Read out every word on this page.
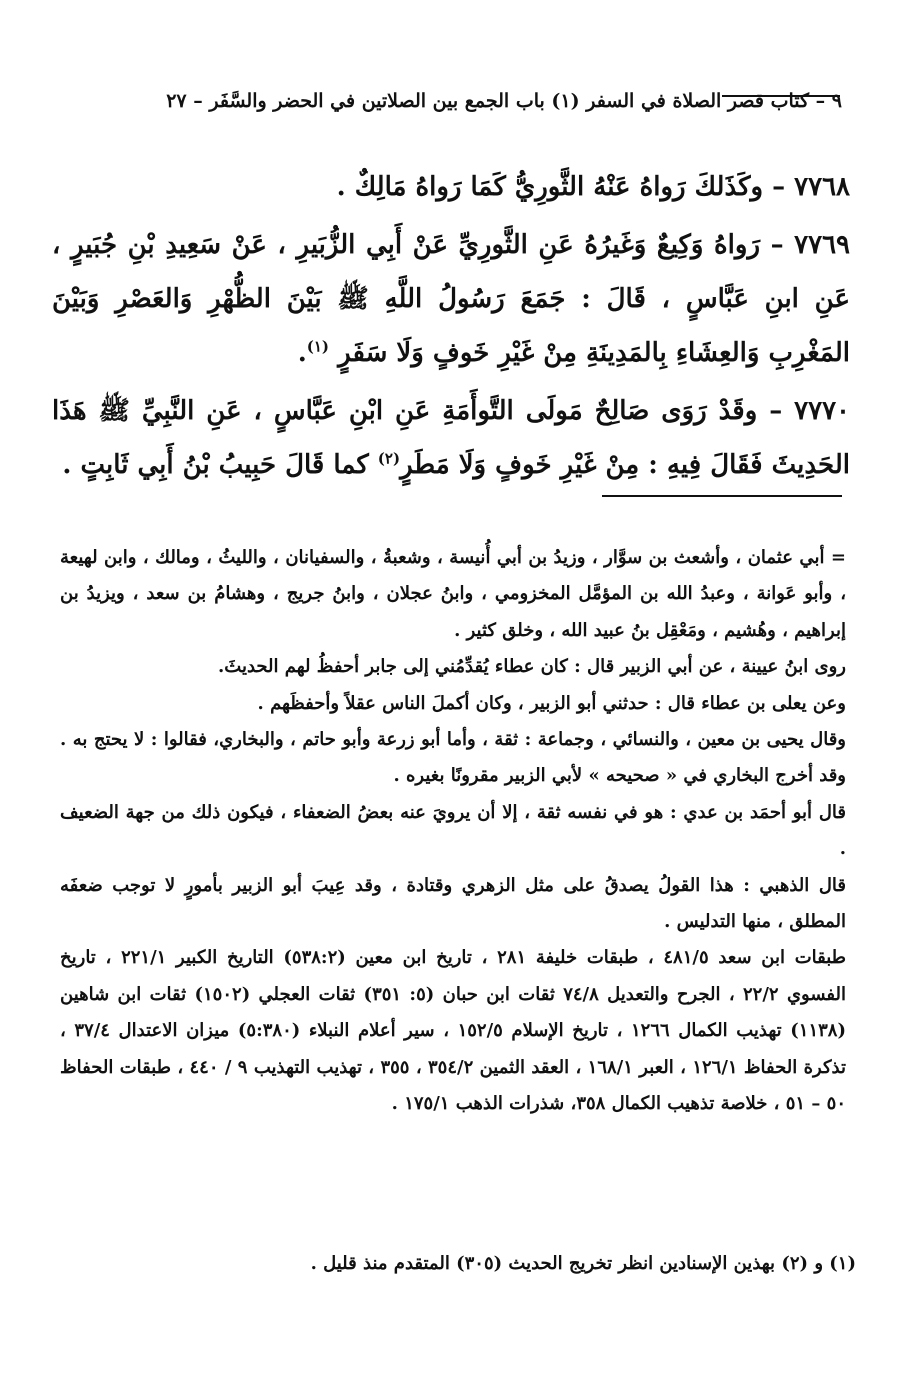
٩ – كتاب قصر الصلاة في السفر (١) باب الجمع بين الصلاتين في الحضر والسَّفَر – ٢٧

٧٧٦٨ – وكَذَلكَ رَواهُ عَنْهُ الثَّورِيُّ كَمَا رَواهُ مَالِكٌ .

٧٧٦٩ – رَواهُ وَكِيعٌ وَغَيرُهُ عَنِ الثَّورِيِّ عَنْ أَبِي الزُّبَيرِ ، عَنْ سَعِيدِ بْنِ جُبَيرٍ ، عَنِ ابنِ عَبَّاسٍ ، قَالَ : جَمَعَ رَسُولُ اللَّهِ ﷺ بَيْنَ الظُّهْرِ وَالعَصْرِ وَبَيْنَ المَغْرِبِ وَالعِشَاءِ بِالمَدِينَةِ مِنْ غَيْرِ خَوفٍ وَلَا سَفَرٍ $^{(١)}$.

٧٧٧٠ – وقَدْ رَوَى صَالِحٌ مَولَى التَّوأَمَةِ عَنِ ابْنِ عَبَّاسٍ ، عَنِ النَّبِيِّ ﷺ هَذَا الحَدِيثَ فَقَالَ فِيهِ : مِنْ غَيْرِ خَوفٍ وَلَا مَطَرٍ$^{(٢)}$ كما قَالَ حَبِيبُ بْنُ أَبِي ثَابِتٍ .

= أبي عثمان ، وأشعث بن سوَّار ، وزيدُ بن أبي أُنيسة ، وشعبةُ ، والسفيانان ، والليثُ ، ومالك ، وابن لهيعة ، وأبو عَوانة ، وعبدُ الله بن المؤمَّل المخزومي ، وابنُ عجلان ، وابنُ جريج ، وهشامُ بن سعد ، ويزيدُ بن إبراهيم ، وهُشيم ، ومَعْقِل بنُ عبيد الله ، وخلق كثير .

روى ابنُ عيينة ، عن أبي الزبير قال : كان عطاء يُقدِّمُني إلى جابر أحفظُ لهم الحديثَ.

وعن يعلى بن عطاء قال : حدثني أبو الزبير ، وكان أكملَ الناس عقلاً وأحفظَهم .

وقال يحيى بن معين ، والنسائي ، وجماعة : ثقة ، وأما أبو زرعة وأبو حاتم ، والبخاري، فقالوا : لا يحتج به . وقد أخرج البخاري في « صحيحه » لأبي الزبير مقرونًا بغيره .

قال أبو أحمَد بن عدي : هو في نفسه ثقة ، إلا أن يرويَ عنه بعضُ الضعفاء ، فيكون ذلك من جهة الضعيف .

قال الذهبي : هذا القولُ يصدقُ على مثل الزهري وقتادة ، وقد عِيبَ أبو الزبير بأمورٍ لا توجب ضعفَه المطلق ، منها التدليس .

طبقات ابن سعد ٤٨١/٥ ، طبقات خليفة ٢٨١ ، تاريخ ابن معين (٥٣٨:٢) التاريخ الكبير ٢٢١/١ ، تاريخ الفسوي ٢٢/٢ ، الجرح والتعديل ٧٤/٨ ثقات ابن حبان (٥: ٣٥١) ثقات العجلي (١٥٠٢) ثقات ابن شاهين (١١٣٨) تهذيب الكمال ١٢٦٦ ، تاريخ الإسلام ١٥٢/٥ ، سير أعلام النبلاء (٥:٣٨٠) ميزان الاعتدال ٣٧/٤ ، تذكرة الحفاظ ١٢٦/١ ، العبر ١٦٨/١ ، العقد الثمين ٣٥٤/٢ ، ٣٥٥ ، تهذيب التهذيب ٩ / ٤٤٠ ، طبقات الحفاظ ٥٠ – ٥١ ، خلاصة تذهيب الكمال ٣٥٨، شذرات الذهب ١٧٥/١ .

(١) و (٢) بهذين الإسنادين انظر تخريج الحديث (٣٠٥) المتقدم منذ قليل .
